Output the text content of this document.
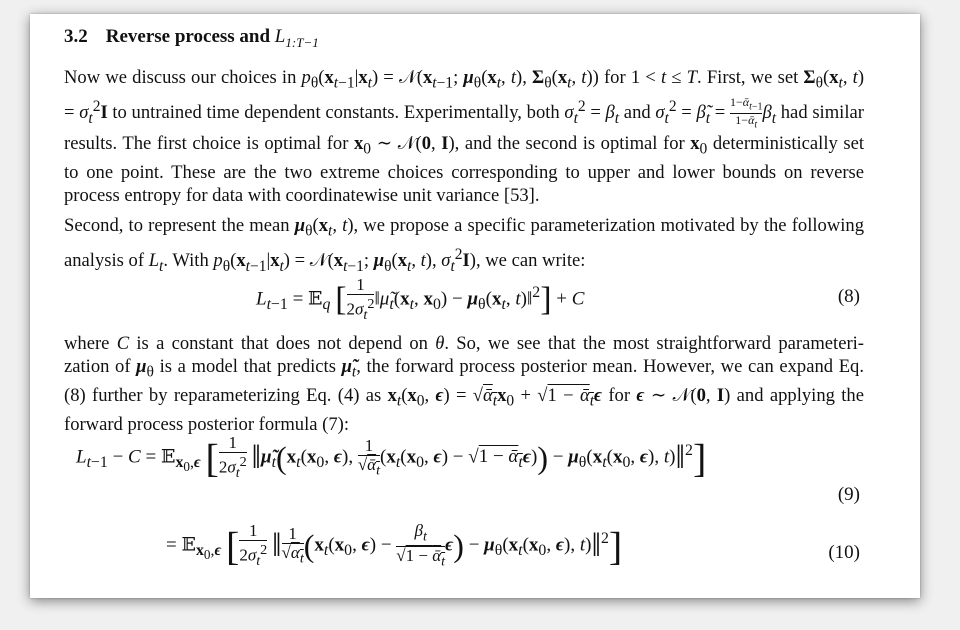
3.2 Reverse process and $L_{1:T-1}$
Now we discuss our choices in $p_\theta(x_{t-1}|x_t)$ = $𝒩(x_{t-1}$; $\mu_\theta(x_t$, t), $\Sigma_\theta(x_t$, t)) for 1 < t ≤ T. First, we set $\Sigma_\theta(x_t$, $t) = \sigma_t^2I$ to untrained time dependent constants. Experimentally, both $\sigma_t^2 = \beta_t$ and $\sigma_t^2$ = $\betã_t = \frac{1-ᾱ_{t-1}}{1-ᾱ_t} \beta_t$ had similar results. The first choice is optimal for $x_0$ ∼ 𝒩(0, I), and the second is optimal for $x_0$ deterministically set to one point. These are the two extreme choices corresponding to upper and lower bounds on reverse process entropy for data with coordinatewise unit variance [53].
Second, to represent the mean $\mu_\theta(x_t$, t), we propose a specific parameterization motivated by the following analysis of $L_t$. With $p_\theta(x_{t-1}|x_t)$ = $𝒩(x_{t-1}$; $\mu_\theta(x_t$, t), $\sigma_t^2I$), we can write:
$L_{t-1}$ = 𝔼$_q$ [ $\frac{1}{2\sigma_t^2}$ $‖\mũ_t(x_t$, $x_0) - \mu_\theta(x_t$, t)‖$^2$] + C	(8)
where C is a constant that does not depend on θ. So, we see that the most straightforward parameteri- zation of $\mu_\theta$ is a model that predicts $\mũ_t$, the forward process posterior mean. However, we can expand Eq. (8) further by reparameterizing Eq. (4) as $x_t(x_0$, $\epsilon) = √ᾱ_tx_0 + √1$ − ᾱ$_t$ϵ for ϵ ∼ 𝒩(0, I) and applying the forward process posterior formula (7):
$L_{t-1} - C$ = 𝔼$_{x_0,\epsilon}$ [ $\frac{1}{2\sigma_t^2}$ $‖\mũ_t(x_t(x_0$, ϵ), $\frac{1}{√ᾱ_t} (x_t(x_0$, ϵ) − √1 − ᾱ$_t$ϵ)) − $\mu_\theta(x_t(x_0$, ϵ), t)‖$^2$]
(9)
= 𝔼$_{x_0,\epsilon}$ [ $\frac{1}{2\sigma_t^2}$ ‖ $\frac{1}{√\alpha_t} (x_t(x_0$, $\epsilon) - \frac{\beta_t}{√1 - ᾱ_t} \epsilon) - \mu_\theta(x_t(x_0$, ϵ), t)‖$^2$]	(10)
